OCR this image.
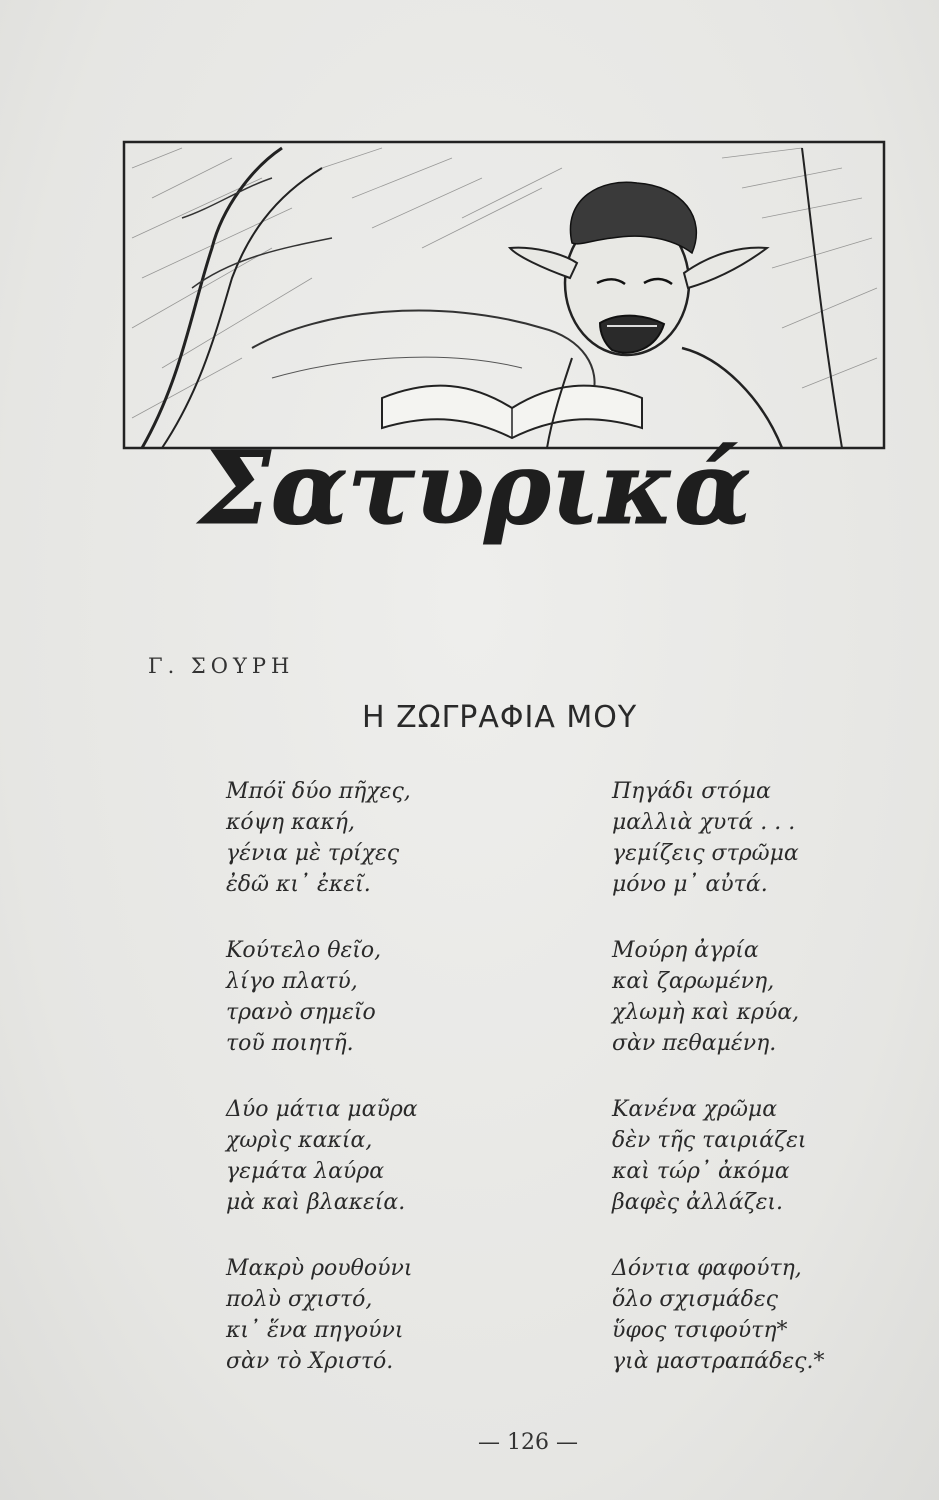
Σατυρικά
Γ. ΣΟΥΡΗ
Η ΖΩΓΡΑΦΙΑ ΜΟΥ
Μπόϊ δύο πῆχες,
κόψη κακή,
γένια μὲ τρίχες
ἐδῶ κι᾽ ἐκεῖ.
Κούτελο θεῖο,
λίγο πλατύ,
τρανὸ σημεῖο
τοῦ ποιητῆ.
Δύο μάτια μαῦρα
χωρὶς κακία,
γεμάτα λαύρα
μὰ καὶ βλακεία.
Μακρὺ ρουθούνι
πολὺ σχιστό,
κι᾽ ἕνα πηγούνι
σὰν τὸ Χριστό.
Πηγάδι στόμα
μαλλιὰ χυτά . . .
γεμίζεις στρῶμα
μόνο μ᾽ αὐτά.
Μούρη ἀγρία
καὶ ζαρωμένη,
χλωμὴ καὶ κρύα,
σὰν πεθαμένη.
Κανένα χρῶμα
δὲν τῆς ταιριάζει
καὶ τώρ᾽ ἀκόμα
βαφὲς ἀλλάζει.
Δόντια φαφούτη,
ὅλο σχισμάδες
ὕφος τσιφούτη*
γιὰ μαστραπάδες.*
— 126 —
